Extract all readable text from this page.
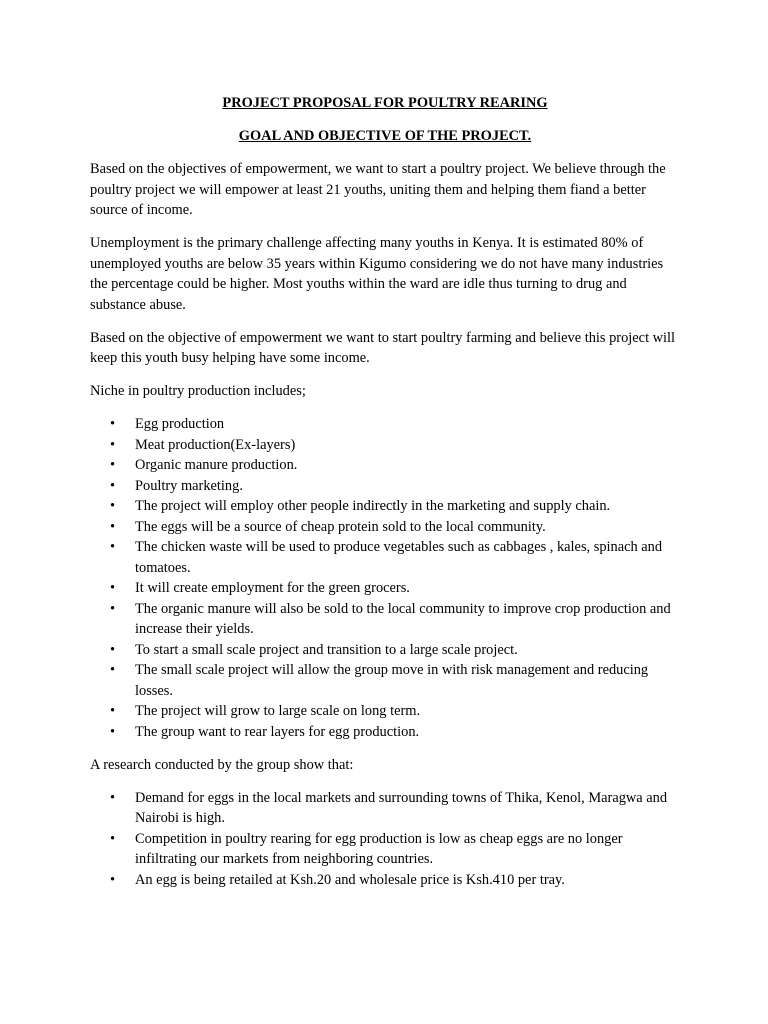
PROJECT PROPOSAL FOR POULTRY REARING

GOAL AND OBJECTIVE OF THE PROJECT.

Based on the objectives of empowerment, we want to start a poultry project. We believe through the poultry project we will empower at least 21 youths, uniting them and helping them fiand a better source of income.

Unemployment is the primary challenge affecting many youths in Kenya. It is estimated 80% of unemployed youths are below 35 years within Kigumo considering we do not have many industries the percentage could be higher. Most youths within the ward are idle thus turning to drug and substance abuse.

Based on the objective of empowerment we want to start poultry farming and believe this project will keep this youth busy helping have some income.

Niche in poultry production includes;

• Egg production
• Meat production(Ex-layers)
• Organic manure production.
• Poultry marketing.
• The project will employ other people indirectly in the marketing and supply chain.
• The eggs will be a source of cheap protein sold to the local community.
• The chicken waste will be used to produce vegetables such as cabbages , kales, spinach and tomatoes.
• It will create employment for the green grocers.
• The organic manure will also be sold to the local community to improve crop production and increase their yields.
• To start a small scale project and transition to a large scale project.
• The small scale project will allow the group move in with risk management and reducing losses.
• The project will grow to large scale on long term.
• The group want to rear layers for egg production.

A research conducted by the group show that:

• Demand for eggs in the local markets and surrounding towns of Thika, Kenol, Maragwa and Nairobi is high.
• Competition in poultry rearing for egg production is low as cheap eggs are no longer infiltrating our markets from neighboring countries.
• An egg is being retailed at Ksh.20 and wholesale price is Ksh.410 per tray.
